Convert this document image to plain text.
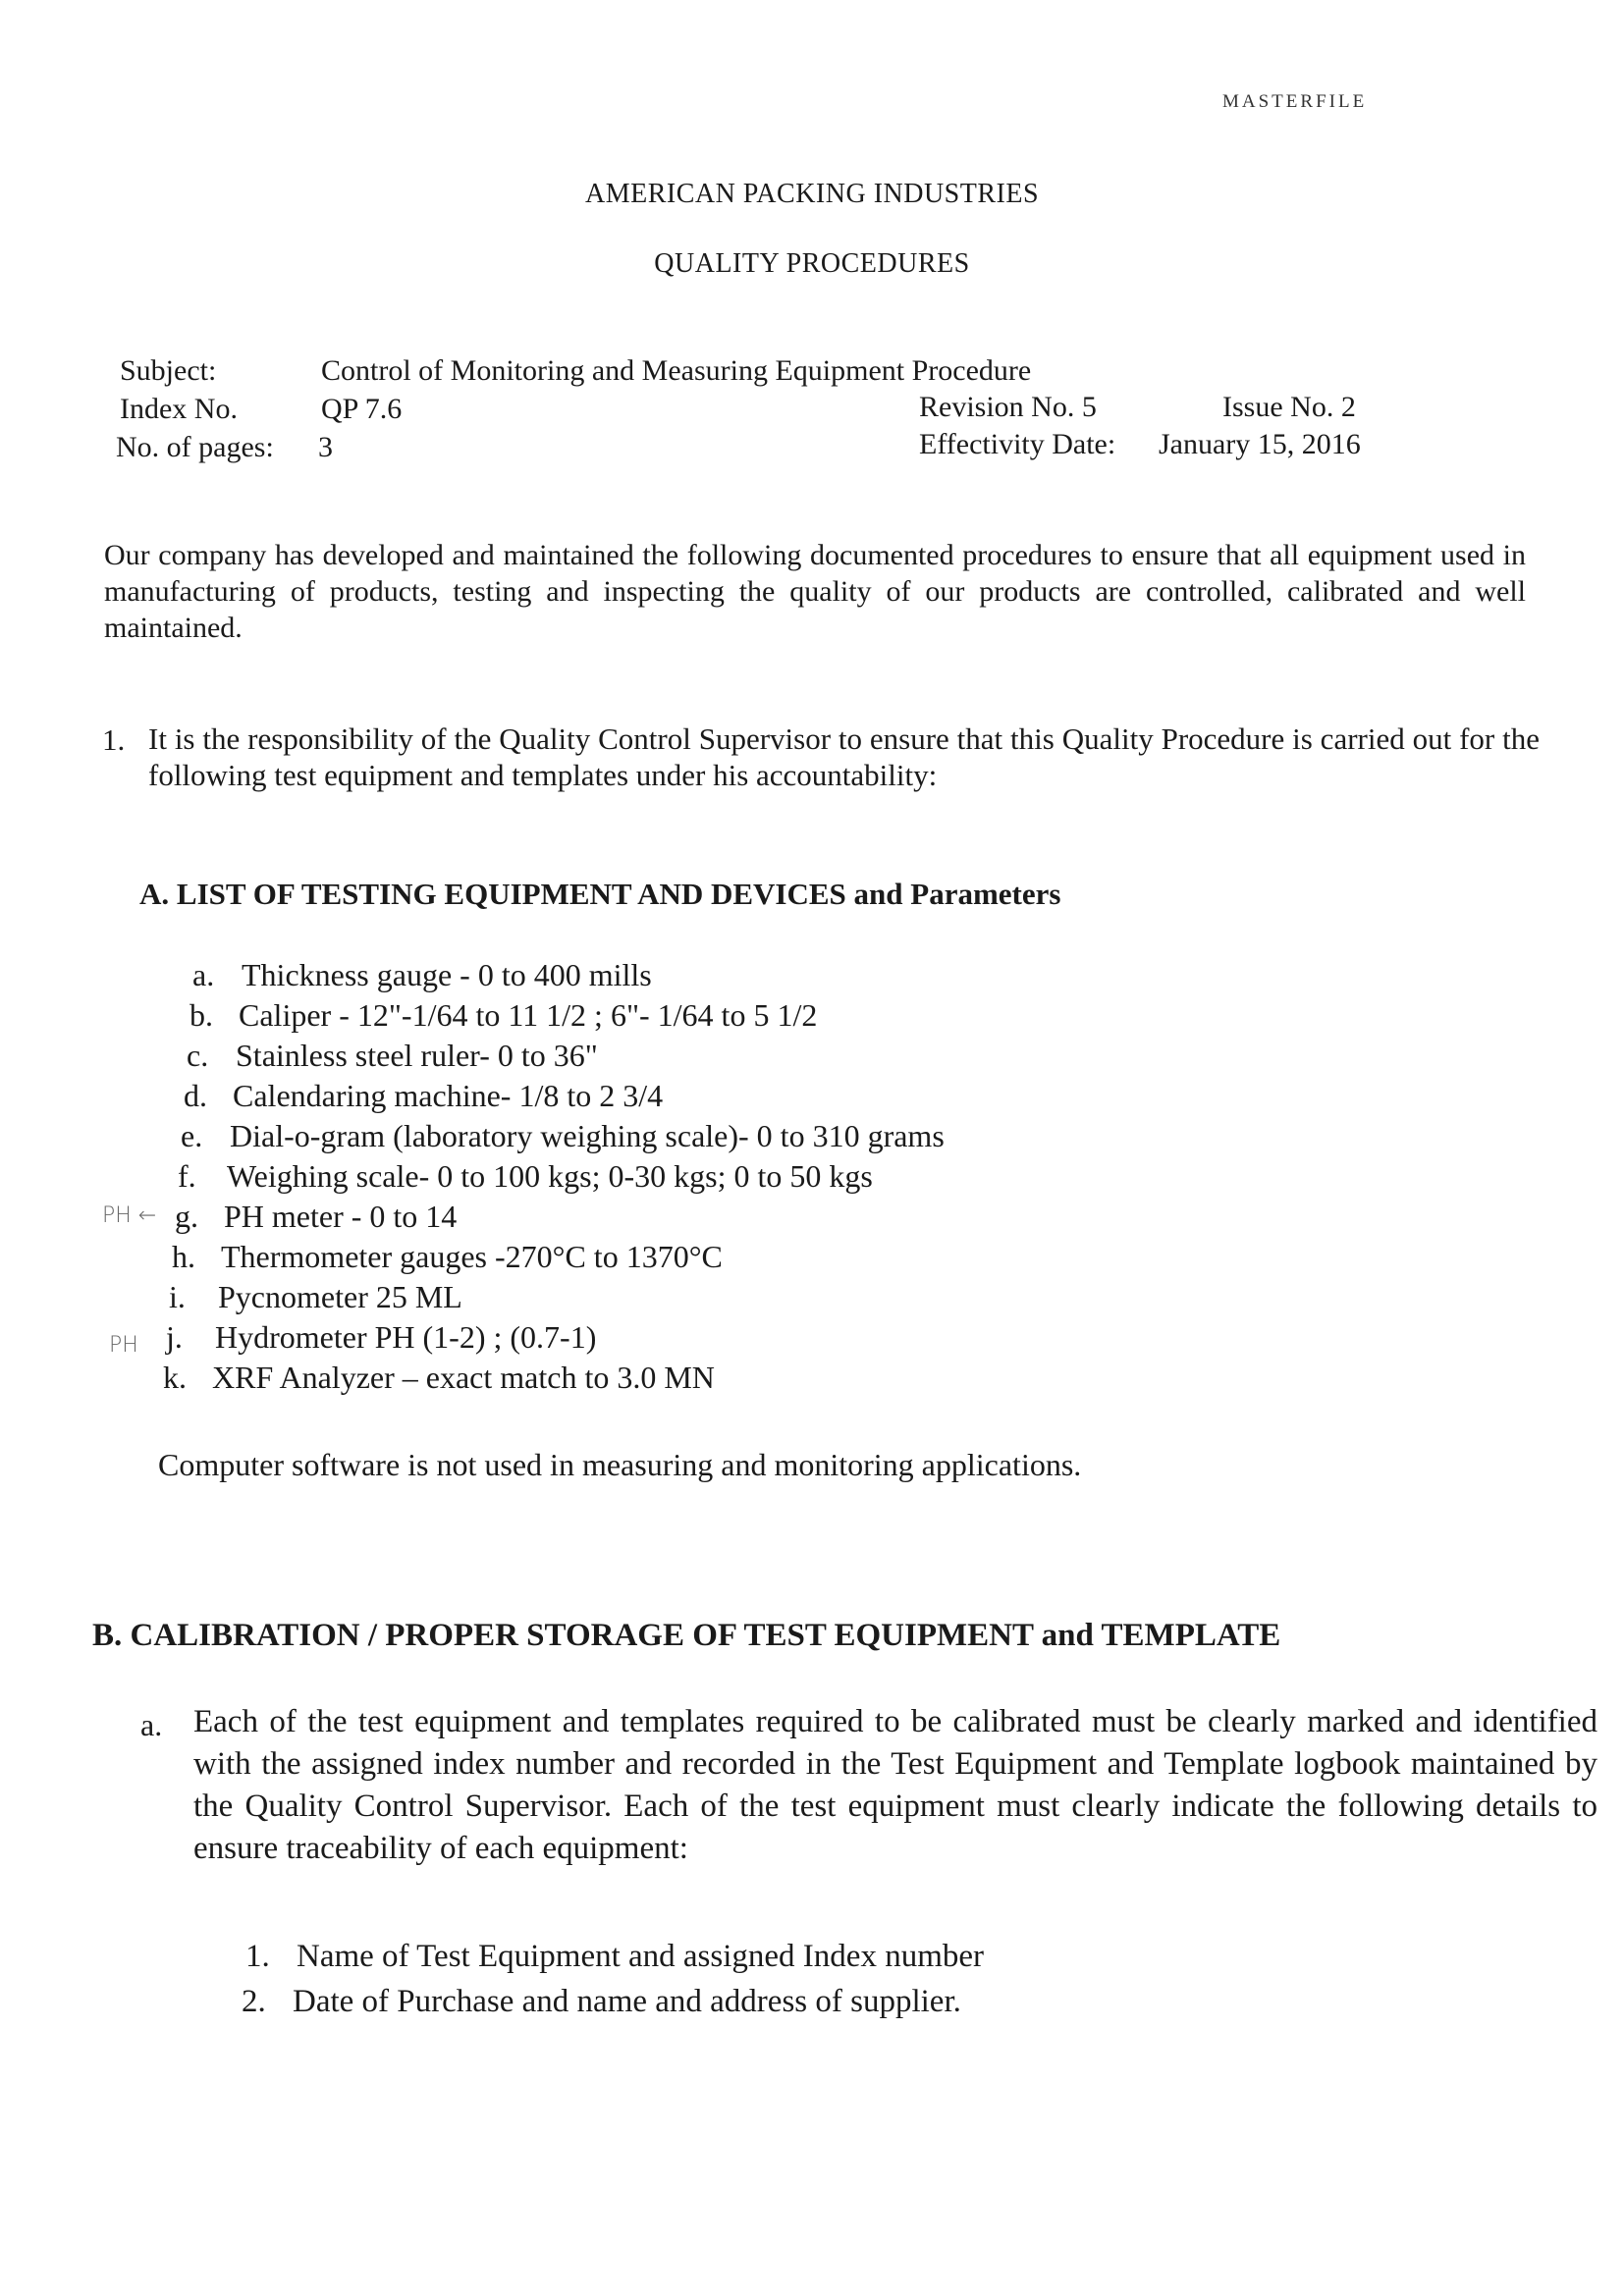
MASTERFILE
AMERICAN PACKING INDUSTRIES
QUALITY PROCEDURES
Subject:	Control of Monitoring and Measuring Equipment Procedure
Index No.	QP 7.6	Revision No. 5	Issue No. 2
No. of pages: 3	Effectivity Date: January 15, 2016
Our company has developed and maintained the following documented procedures to ensure that all equipment used in manufacturing of products, testing and inspecting the quality of our products are controlled, calibrated and well maintained.
1. It is the responsibility of the Quality Control Supervisor to ensure that this Quality Procedure is carried out for the following test equipment and templates under his accountability:
A. LIST OF TESTING EQUIPMENT AND DEVICES and Parameters
a. Thickness gauge - 0 to 400 mills
b. Caliper - 12"-1/64 to 11 1/2 ; 6"- 1/64 to 5 1/2
c. Stainless steel ruler- 0 to 36"
d. Calendaring machine- 1/8 to 2 3/4
e. Dial-o-gram (laboratory weighing scale)- 0 to 310 grams
f. Weighing scale- 0 to 100 kgs; 0-30 kgs; 0 to 50 kgs
PH ← g. PH meter - 0 to 14
h. Thermometer gauges -270°C to 1370°C
i. Pycnometer 25 ML
PH j. Hydrometer PH (1-2) ; (0.7-1)
k. XRF Analyzer – exact match to 3.0 MN
Computer software is not used in measuring and monitoring applications.
B. CALIBRATION / PROPER STORAGE OF TEST EQUIPMENT and TEMPLATE
a. Each of the test equipment and templates required to be calibrated must be clearly marked and identified with the assigned index number and recorded in the Test Equipment and Template logbook maintained by the Quality Control Supervisor. Each of the test equipment must clearly indicate the following details to ensure traceability of each equipment:
1. Name of Test Equipment and assigned Index number
2. Date of Purchase and name and address of supplier.
